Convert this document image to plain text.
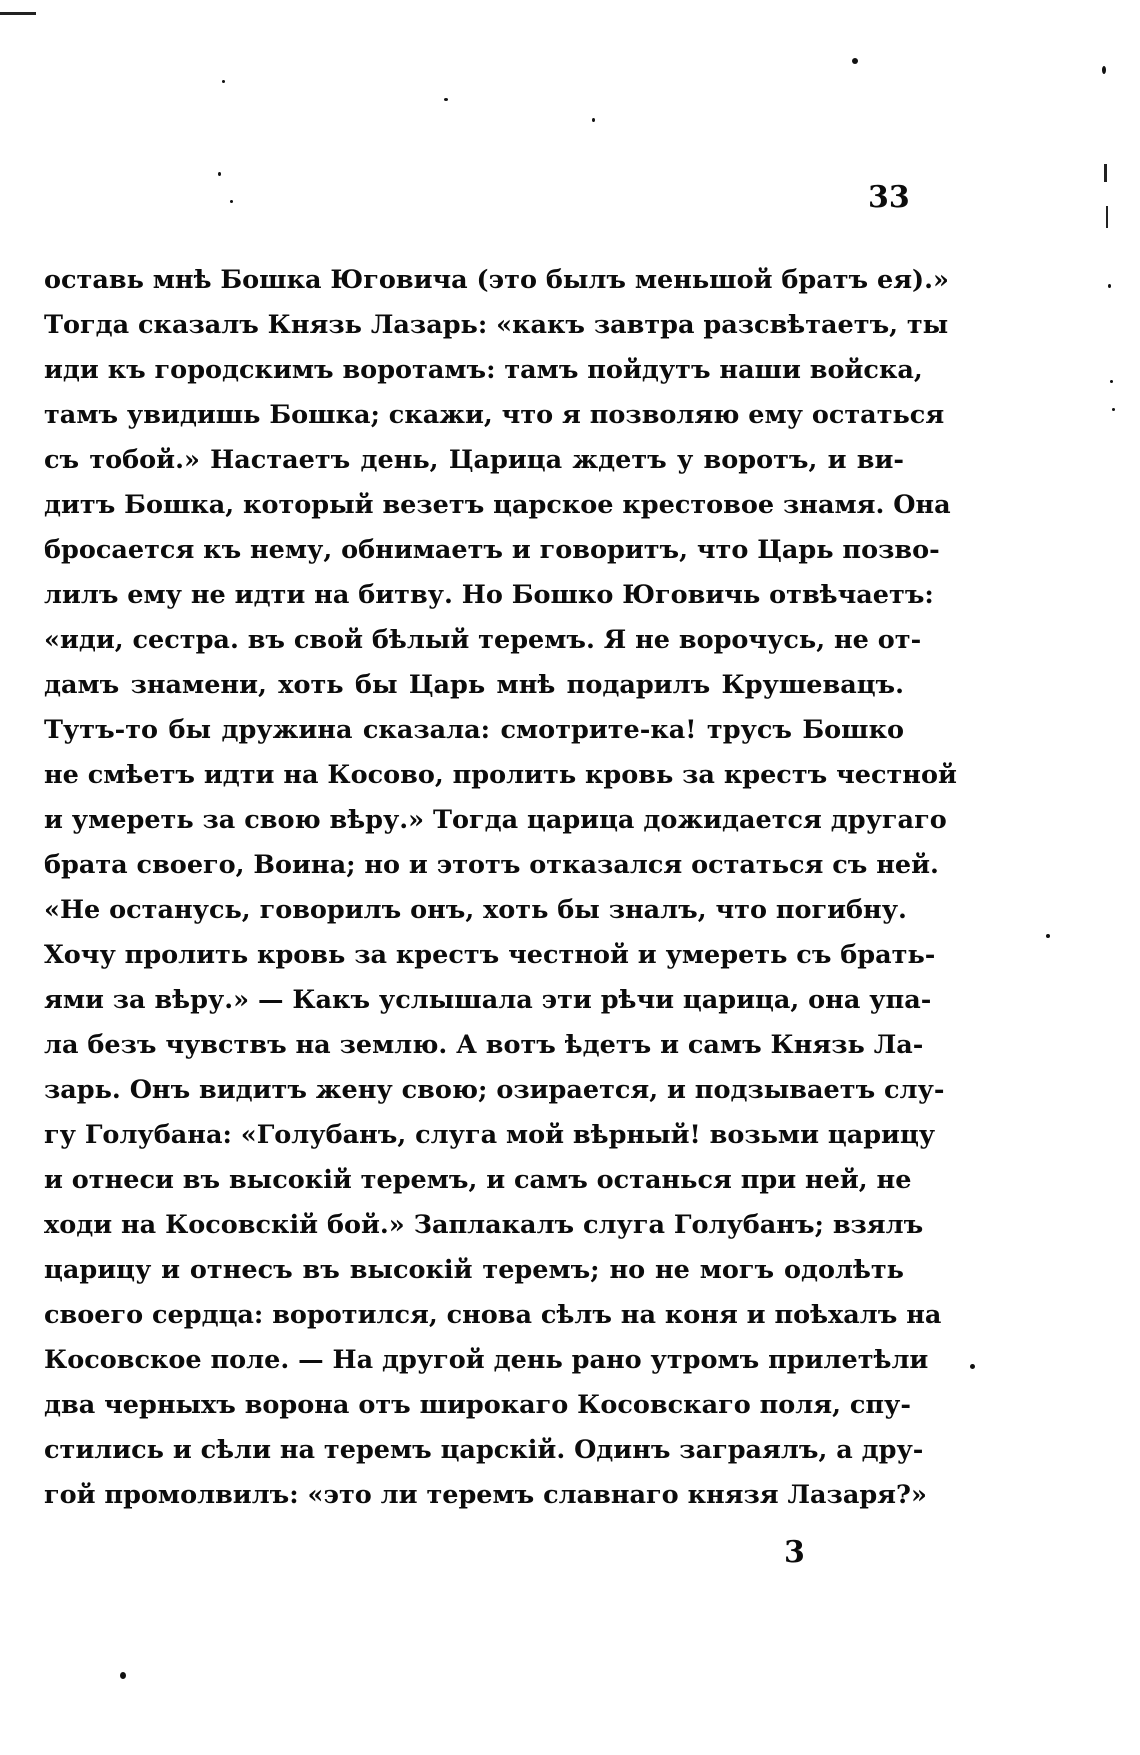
33
оставь мнѣ Бошка Юговича (это былъ меньшой братъ ея).»
Тогда сказалъ Князь Лазарь: «какъ завтра разсвѣтаетъ, ты
иди къ городскимъ воротамъ: тамъ пойдутъ наши войска,
тамъ увидишь Бошка; скажи, что я позволяю ему остаться
съ тобой.» Настаетъ день, Царица ждетъ у воротъ, и ви-
дитъ Бошка, который везетъ царское крестовое знамя. Она
бросается къ нему, обнимаетъ и говоритъ, что Царь позво-
лилъ ему не идти на битву. Но Бошко Юговичь отвѣчаетъ:
«иди, сестра. въ свой бѣлый теремъ. Я не ворочусь, не от-
дамъ знамени, хоть бы Царь мнѣ подарилъ Крушевацъ.
Тутъ-то бы дружина сказала: смотрите-ка! трусъ Бошко
не смѣетъ идти на Косово, пролить кровь за крестъ честной
и умереть за свою вѣру.» Тогда царица дожидается другаго
брата своего, Воина; но и этотъ отказался остаться съ ней.
«Не останусь, говорилъ онъ, хоть бы зналъ, что погибну.
Хочу пролить кровь за крестъ честной и умереть съ брать-
ями за вѣру.» — Какъ услышала эти рѣчи царица, она упа-
ла безъ чувствъ на землю. А вотъ ѣдетъ и самъ Князь Ла-
зарь. Онъ видитъ жену свою; озирается, и подзываетъ слу-
гу Голубана: «Голубанъ, слуга мой вѣрный! возьми царицу
и отнеси въ высокій теремъ, и самъ останься при ней, не
ходи на Косовскій бой.» Заплакалъ слуга Голубанъ; взялъ
царицу и отнесъ въ высокій теремъ; но не могъ одолѣть
своего сердца: воротился, снова сѣлъ на коня и поѣхалъ на
Косовское поле. — На другой день рано утромъ прилетѣли
два черныхъ ворона отъ широкаго Косовскаго поля, спу-
стились и сѣли на теремъ царскій. Одинъ заграялъ, а дру-
гой промолвилъ: «это ли теремъ славнаго князя Лазаря?»
3
